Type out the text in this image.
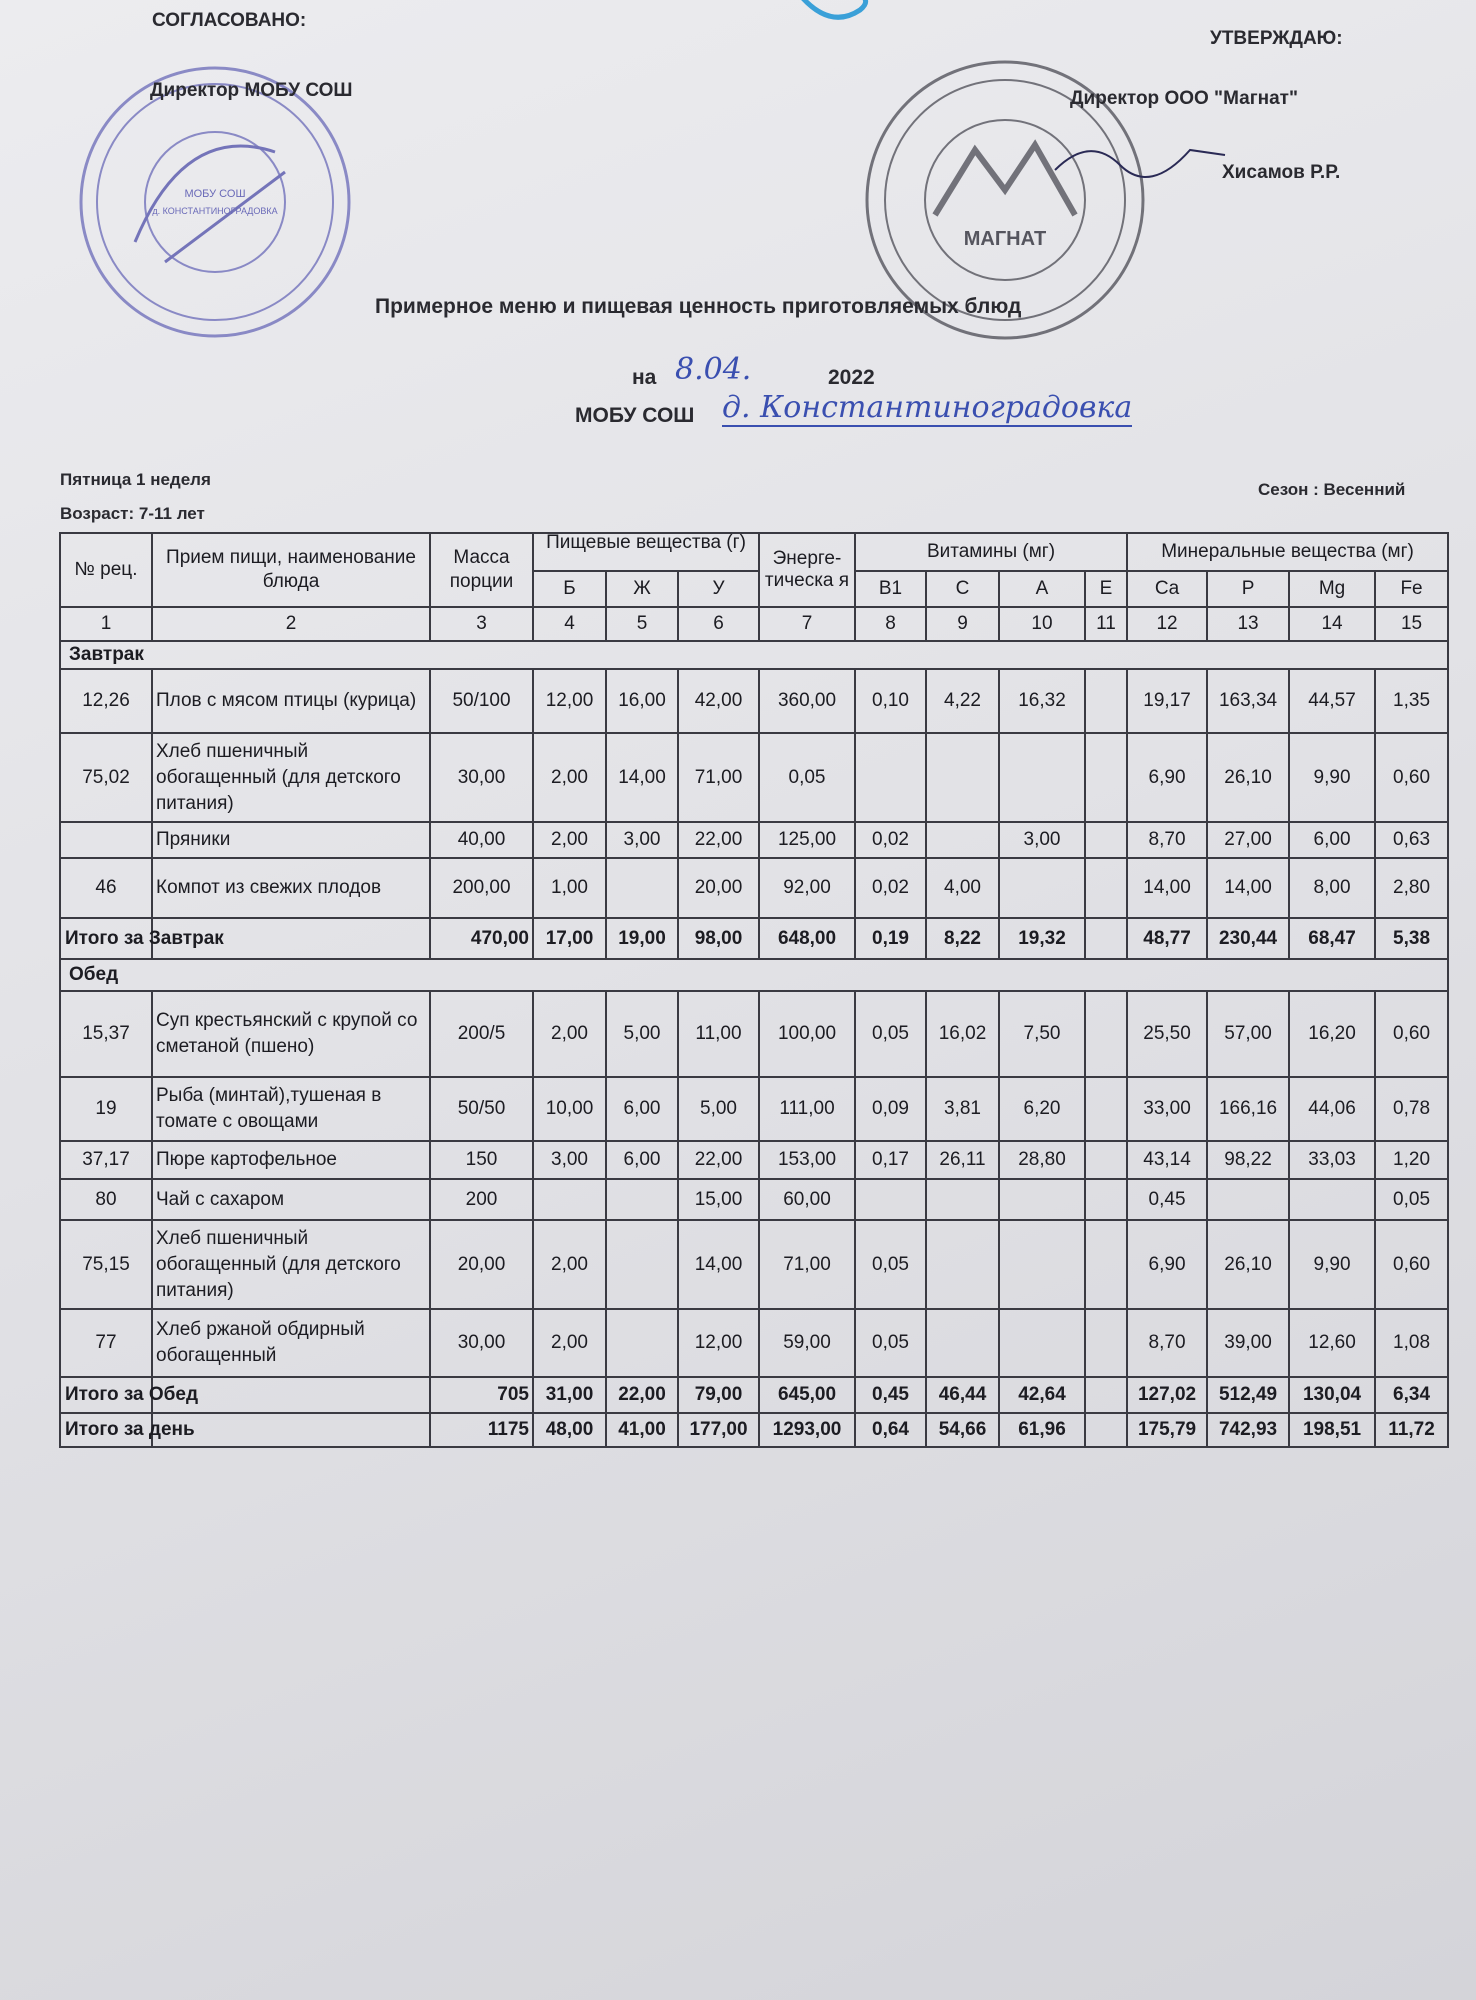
МОБУ СОШ
д. КОНСТАНТИНОГРАДОВКА
МАГНАТ
СОГЛАСОВАНО:
Директор МОБУ СОШ
УТВЕРЖДАЮ:
Директор ООО "Магнат"
Хисамов Р.Р.
Примерное меню и пищевая ценность приготовляемых блюд
на 8.04.	2022
МОБУ СОШ д. Константиноградовка
Пятница 1 неделя
Возраст: 7-11 лет
Сезон : Весенний
№ рец.	Прием пищи, наименование блюда	Масса порции	Пищевые вещества (г)			Энерге-тическа я	Витамины (мг)				Минеральные вещества (мг)			
			Б	Ж	У		В1	C	A	E	Ca	P	Mg	Fe
1	2	3	4	5	6	7	8	9	10	11	12	13	14	15
Завтрак														
12,26	Плов с мясом птицы (курица)	50/100	12,00	16,00	42,00	360,00	0,10	4,22	16,32		19,17	163,34	44,57	1,35
75,02	Хлеб пшеничный обогащенный (для детского питания)	30,00	2,00	14,00	71,00	0,05					6,90	26,10	9,90	0,60
	Пряники	40,00	2,00	3,00	22,00	125,00	0,02		3,00		8,70	27,00	6,00	0,63
46	Компот из свежих плодов	200,00	1,00		20,00	92,00	0,02	4,00			14,00	14,00	8,00	2,80
Итого за Завтрак		470,00	17,00	19,00	98,00	648,00	0,19	8,22	19,32		48,77	230,44	68,47	5,38
Обед														
15,37	Суп крестьянский с крупой со сметаной (пшено)	200/5	2,00	5,00	11,00	100,00	0,05	16,02	7,50		25,50	57,00	16,20	0,60
19	Рыба (минтай),тушеная в томате с овощами	50/50	10,00	6,00	5,00	111,00	0,09	3,81	6,20		33,00	166,16	44,06	0,78
37,17	Пюре картофельное	150	3,00	6,00	22,00	153,00	0,17	26,11	28,80		43,14	98,22	33,03	1,20
80	Чай с сахаром	200			15,00	60,00					0,45			0,05
75,15	Хлеб пшеничный обогащенный (для детского питания)	20,00	2,00		14,00	71,00	0,05				6,90	26,10	9,90	0,60
77	Хлеб ржаной обдирный обогащенный	30,00	2,00		12,00	59,00	0,05				8,70	39,00	12,60	1,08
Итого за Обед		705	31,00	22,00	79,00	645,00	0,45	46,44	42,64		127,02	512,49	130,04	6,34
Итого за день		1175	48,00	41,00	177,00	1293,00	0,64	54,66	61,96		175,79	742,93	198,51	11,72
